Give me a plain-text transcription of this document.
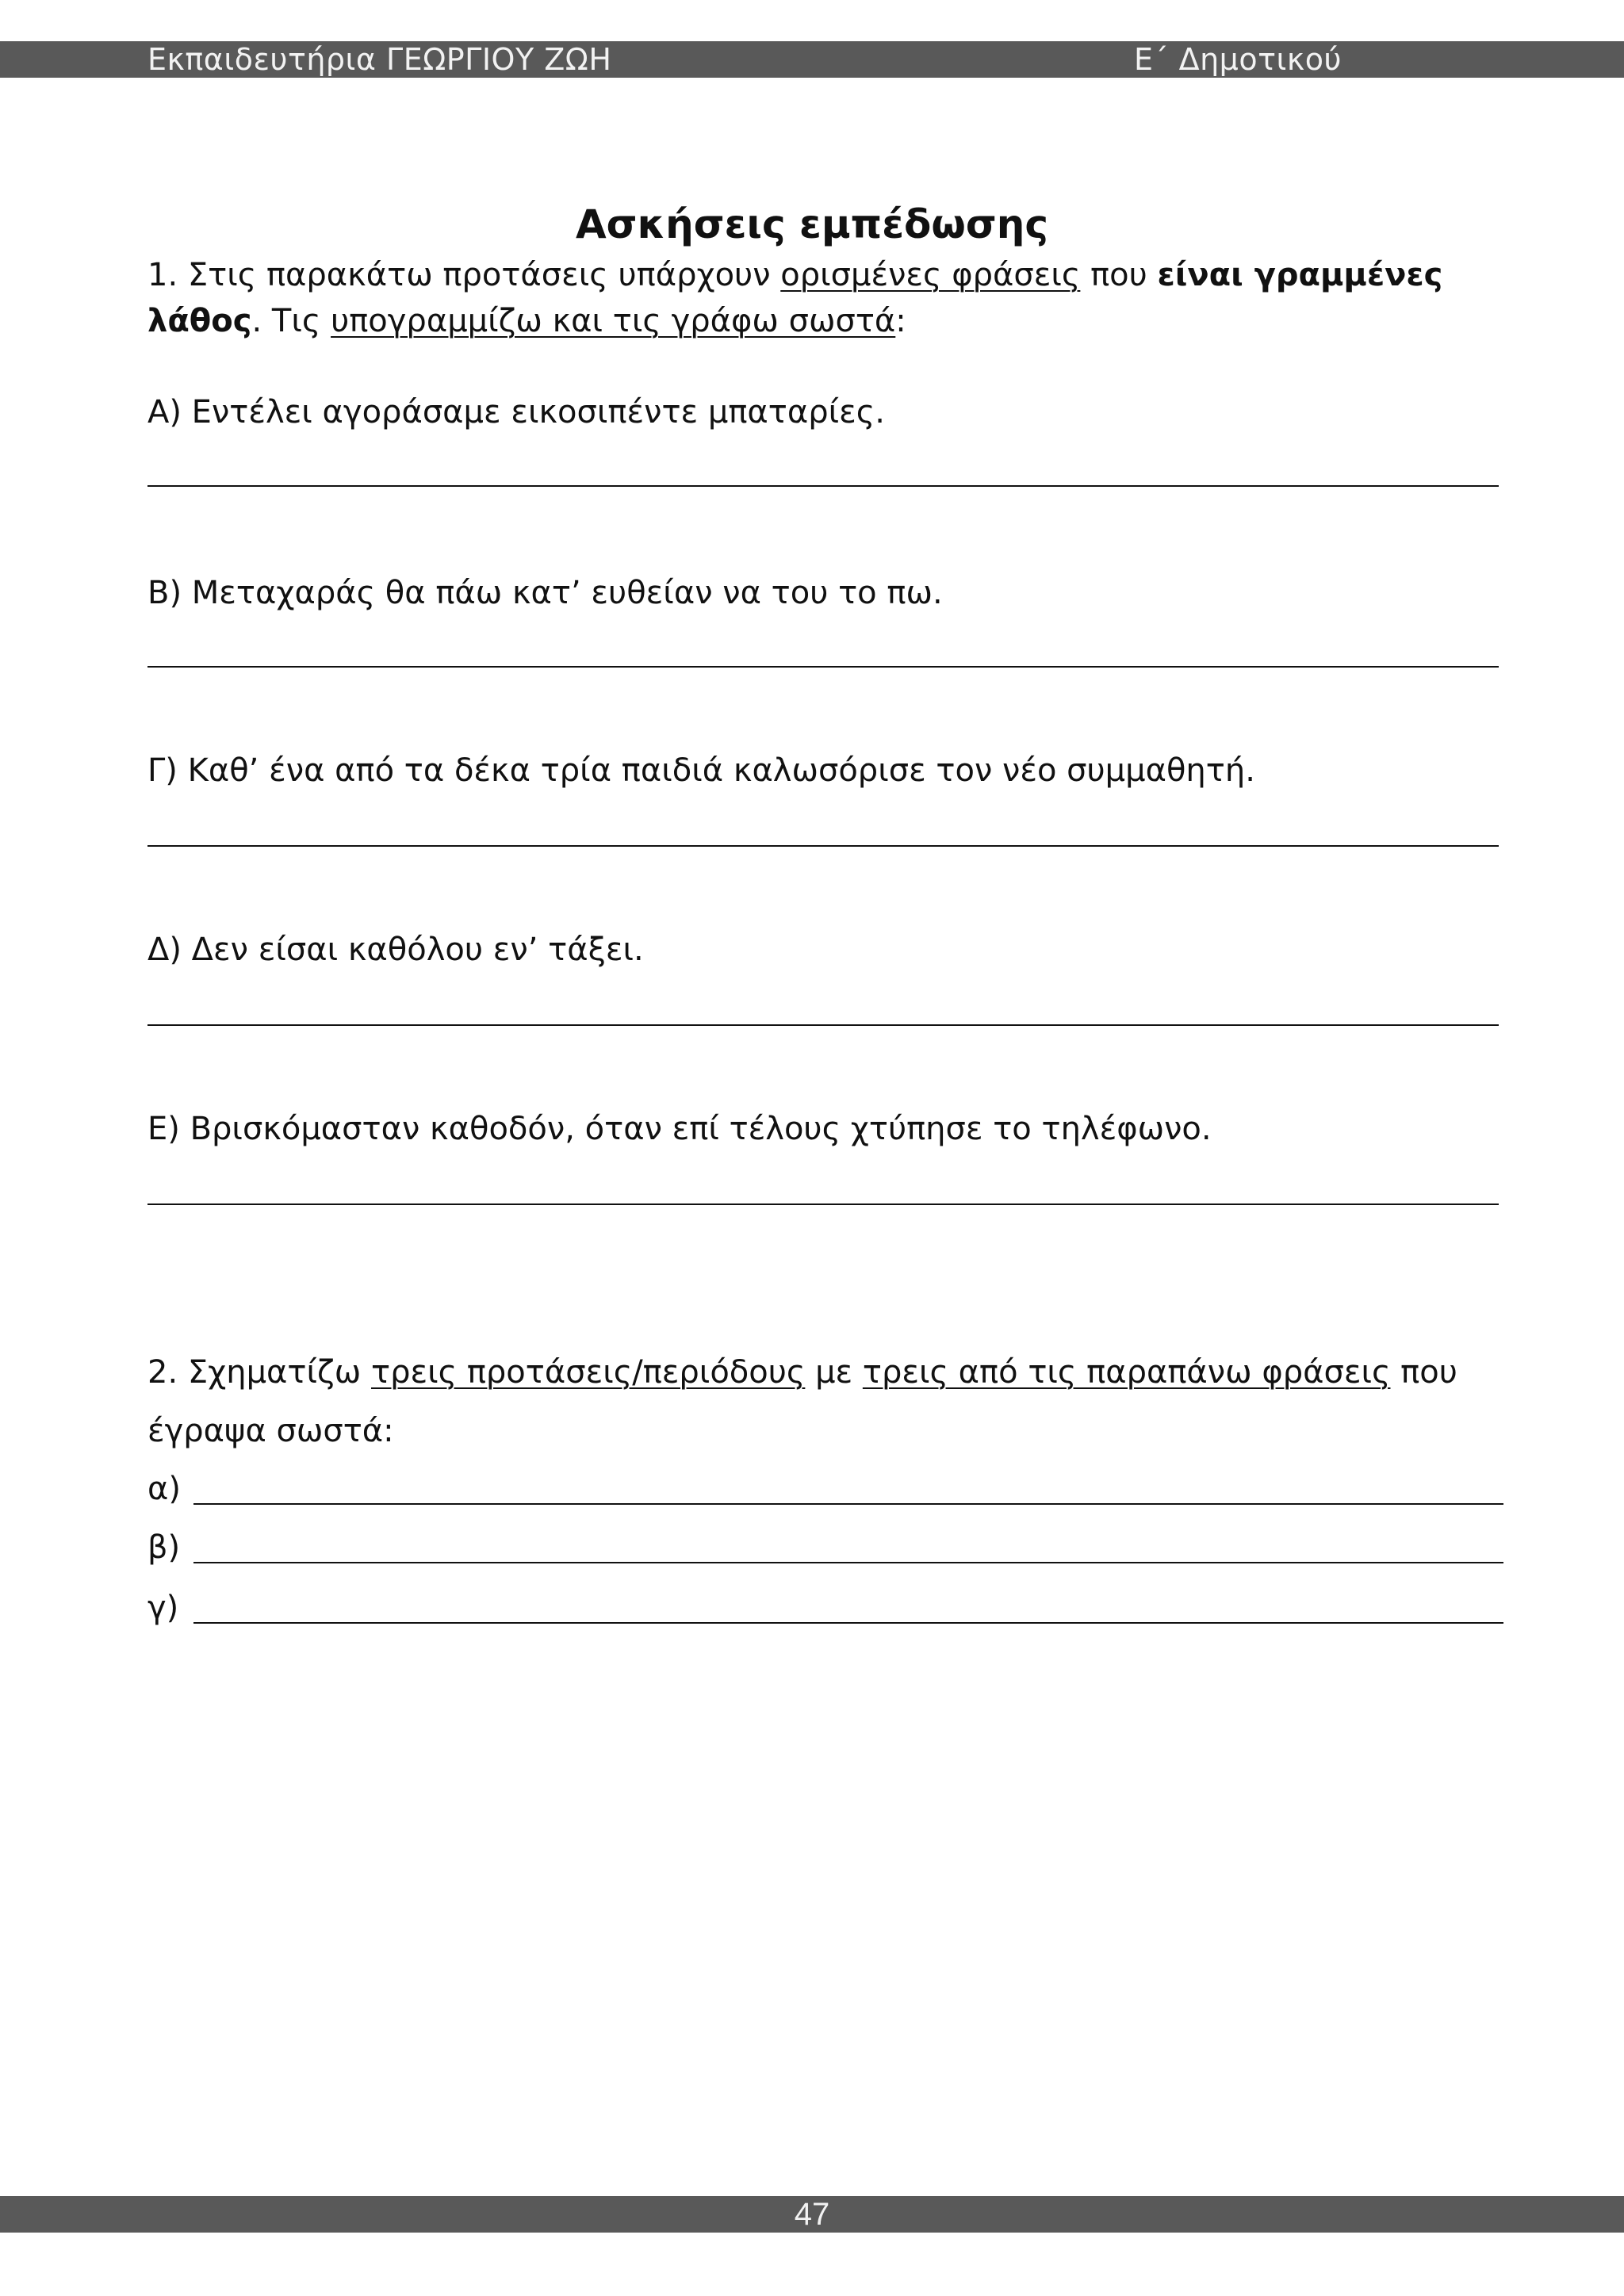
Εκπαιδευτήρια ΓΕΩΡΓΙΟΥ ΖΩΗ	Ε΄ Δημοτικού
Ασκήσεις εμπέδωσης
1. Στις παρακάτω προτάσεις υπάρχουν ορισμένες φράσεις που είναι γραμμένες λάθος. Τις υπογραμμίζω και τις γράφω σωστά:
Α) Εντέλει αγοράσαμε εικοσιπέντε μπαταρίες.
Β) Μεταχαράς θα πάω κατ’ ευθείαν να του το πω.
Γ) Καθ’ ένα από τα δέκα τρία παιδιά καλωσόρισε τον νέο συμμαθητή.
Δ) Δεν είσαι καθόλου εν’ τάξει.
Ε) Βρισκόμασταν καθοδόν, όταν επί τέλους χτύπησε το τηλέφωνο.
2. Σχηματίζω τρεις προτάσεις/περιόδους με τρεις από τις παραπάνω φράσεις που έγραψα σωστά:
α)
β)
γ)
47
